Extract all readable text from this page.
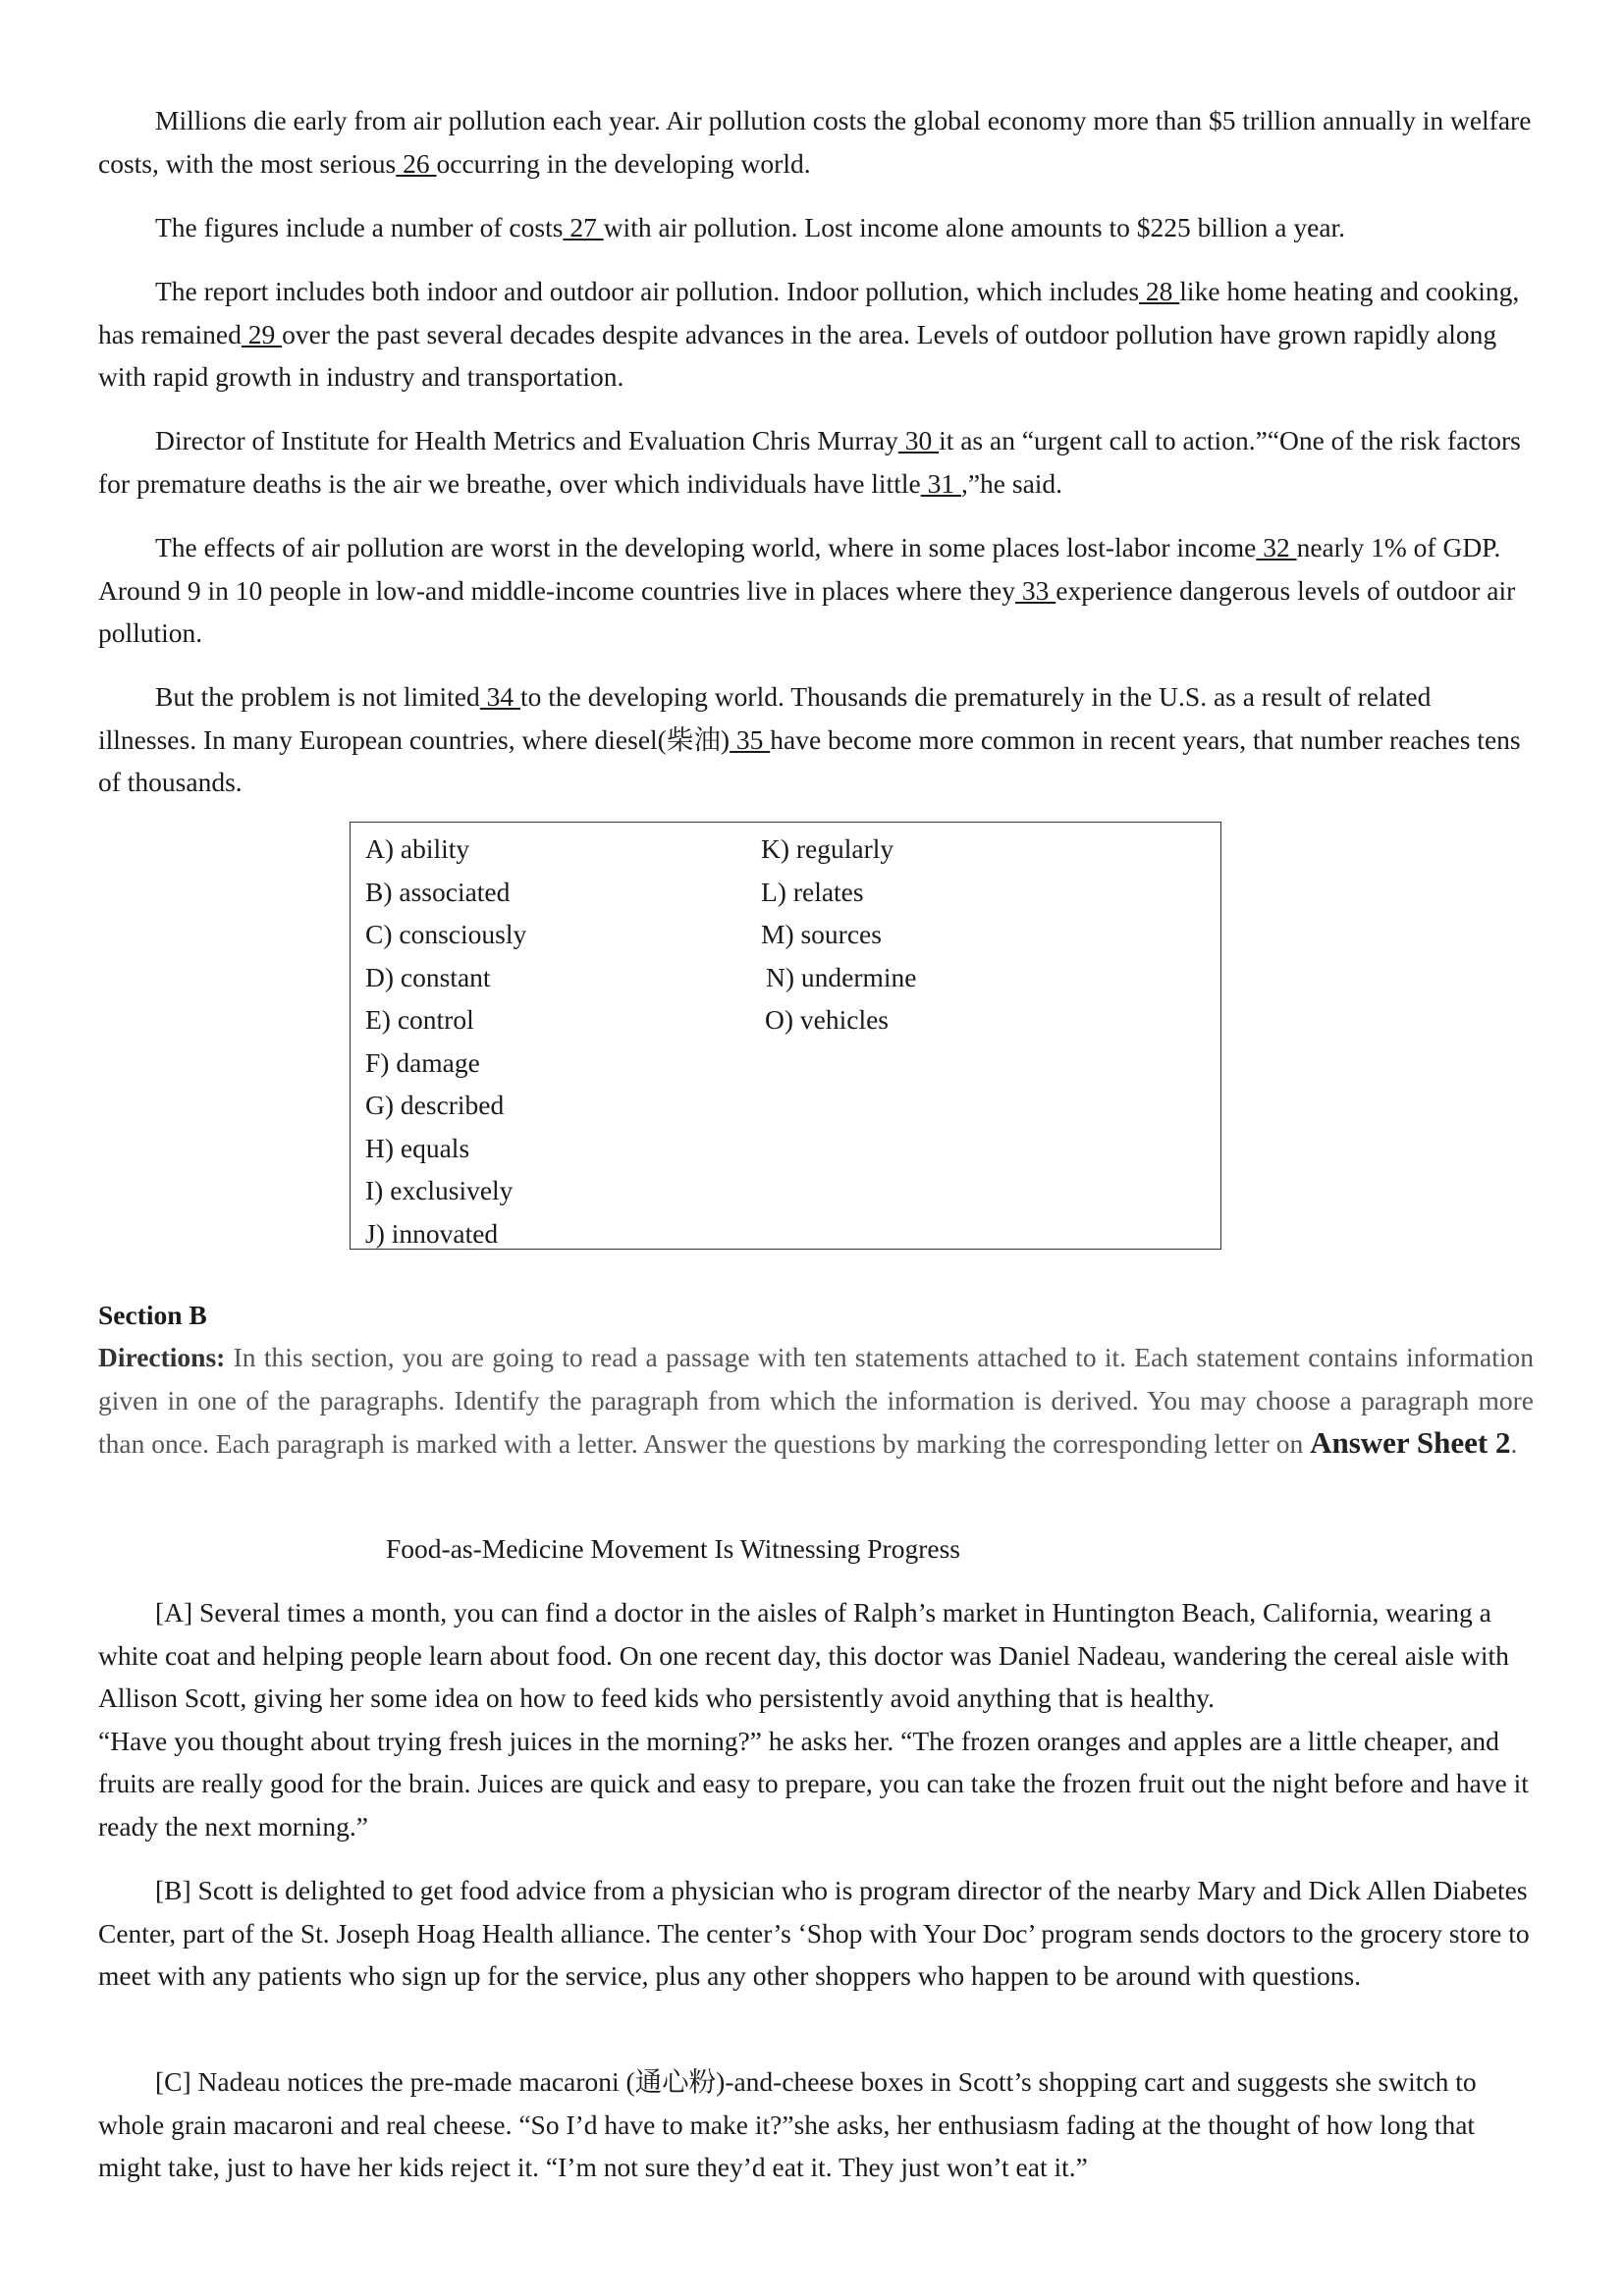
Millions die early from air pollution each year. Air pollution costs the global economy more than $5 trillion annually in welfare costs, with the most serious 26 occurring in the developing world.

The figures include a number of costs 27 with air pollution. Lost income alone amounts to $225 billion a year.

The report includes both indoor and outdoor air pollution. Indoor pollution, which includes 28 like home heating and cooking, has remained 29 over the past several decades despite advances in the area. Levels of outdoor pollution have grown rapidly along with rapid growth in industry and transportation.

Director of Institute for Health Metrics and Evaluation Chris Murray 30 it as an “urgent call to action.”“One of the risk factors for premature deaths is the air we breathe, over which individuals have little 31 ,”he said.

The effects of air pollution are worst in the developing world, where in some places lost-labor income 32 nearly 1% of GDP. Around 9 in 10 people in low-and middle-income countries live in places where they 33 experience dangerous levels of outdoor air pollution.

But the problem is not limited 34 to the developing world. Thousands die prematurely in the U.S. as a result of related illnesses. In many European countries, where diesel(柴油) 35 have become more common in recent years, that number reaches tens of thousands.

A) ability
B) associated
C) consciously
D) constant
E) control
F) damage
G) described
H) equals
I) exclusively
J) innovated
K) regularly
L) relates
M) sources
N) undermine
O) vehicles

Section B

Directions: In this section, you are going to read a passage with ten statements attached to it. Each statement contains information given in one of the paragraphs. Identify the paragraph from which the information is derived. You may choose a paragraph more than once. Each paragraph is marked with a letter. Answer the questions by marking the corresponding letter on Answer Sheet 2.

Food-as-Medicine Movement Is Witnessing Progress

[A] Several times a month, you can find a doctor in the aisles of Ralph’s market in Huntington Beach, California, wearing a white coat and helping people learn about food. On one recent day, this doctor was Daniel Nadeau, wandering the cereal aisle with Allison Scott, giving her some idea on how to feed kids who persistently avoid anything that is healthy.
“Have you thought about trying fresh juices in the morning?” he asks her. “The frozen oranges and apples are a little cheaper, and fruits are really good for the brain. Juices are quick and easy to prepare, you can take the frozen fruit out the night before and have it ready the next morning.”

[B] Scott is delighted to get food advice from a physician who is program director of the nearby Mary and Dick Allen Diabetes Center, part of the St. Joseph Hoag Health alliance. The center’s ‘Shop with Your Doc’ program sends doctors to the grocery store to meet with any patients who sign up for the service, plus any other shoppers who happen to be around with questions.

[C] Nadeau notices the pre-made macaroni (通心粉)-and-cheese boxes in Scott’s shopping cart and suggests she switch to whole grain macaroni and real cheese. “So I’d have to make it?”she asks, her enthusiasm fading at the thought of how long that might take, just to have her kids reject it. “I’m not sure they’d eat it. They just won’t eat it.”
